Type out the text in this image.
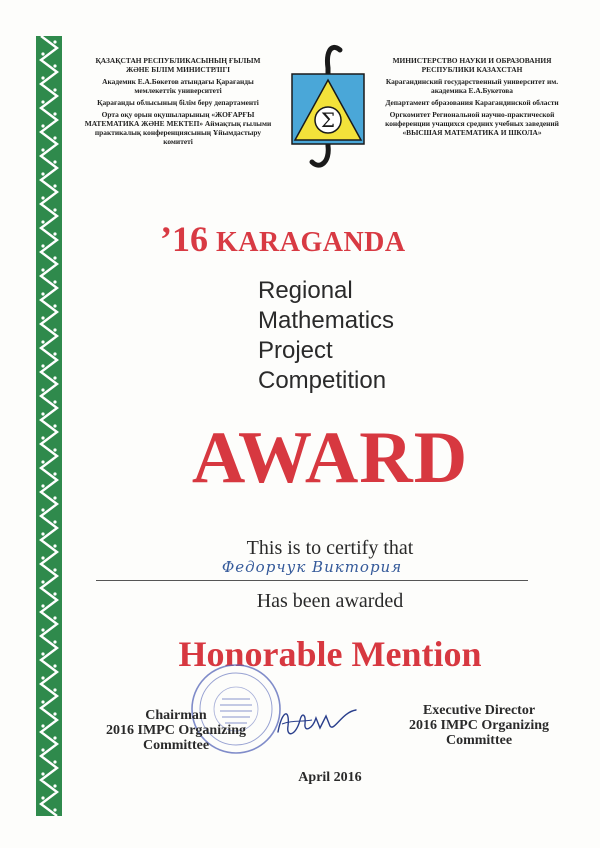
ҚАЗАҚСТАН РЕСПУБЛИКАСЫНЫҢ ҒЫЛЫМ ЖӘНЕ БІЛІМ МИНИСТРЛІГІ

Академик Е.А.Бөкетов атындағы Қарағанды мемлекеттік университеті

Қарағанды облысының білім беру департаменті

Орта оқу орын оқушыларының «ЖОҒАРҒЫ МАТЕМАТИКА ЖӘНЕ МЕКТЕП» Аймақтық ғылыми практикалық конференциясының Ұйымдастыру комитеті

Σ

МИНИСТЕРСТВО НАУКИ И ОБРАЗОВАНИЯ РЕСПУБЛИКИ КАЗАХСТАН

Карагандинский государственный университет им. академика Е.А.Букетова

Департамент образования Карагандинской области

Оргкомитет Региональной научно-практической конференции учащихся средних учебных заведений «ВЫСШАЯ МАТЕМАТИКА И ШКОЛА»

’16 KARAGANDA
Regional
Mathematics
Project
Competition
AWARD
This is to certify that
Федорчук Виктория
Has been awarded
Honorable Mention
Chairman
2016 IMPC Organizing
Committee
Executive Director
2016 IMPC Organizing
Committee
April 2016
